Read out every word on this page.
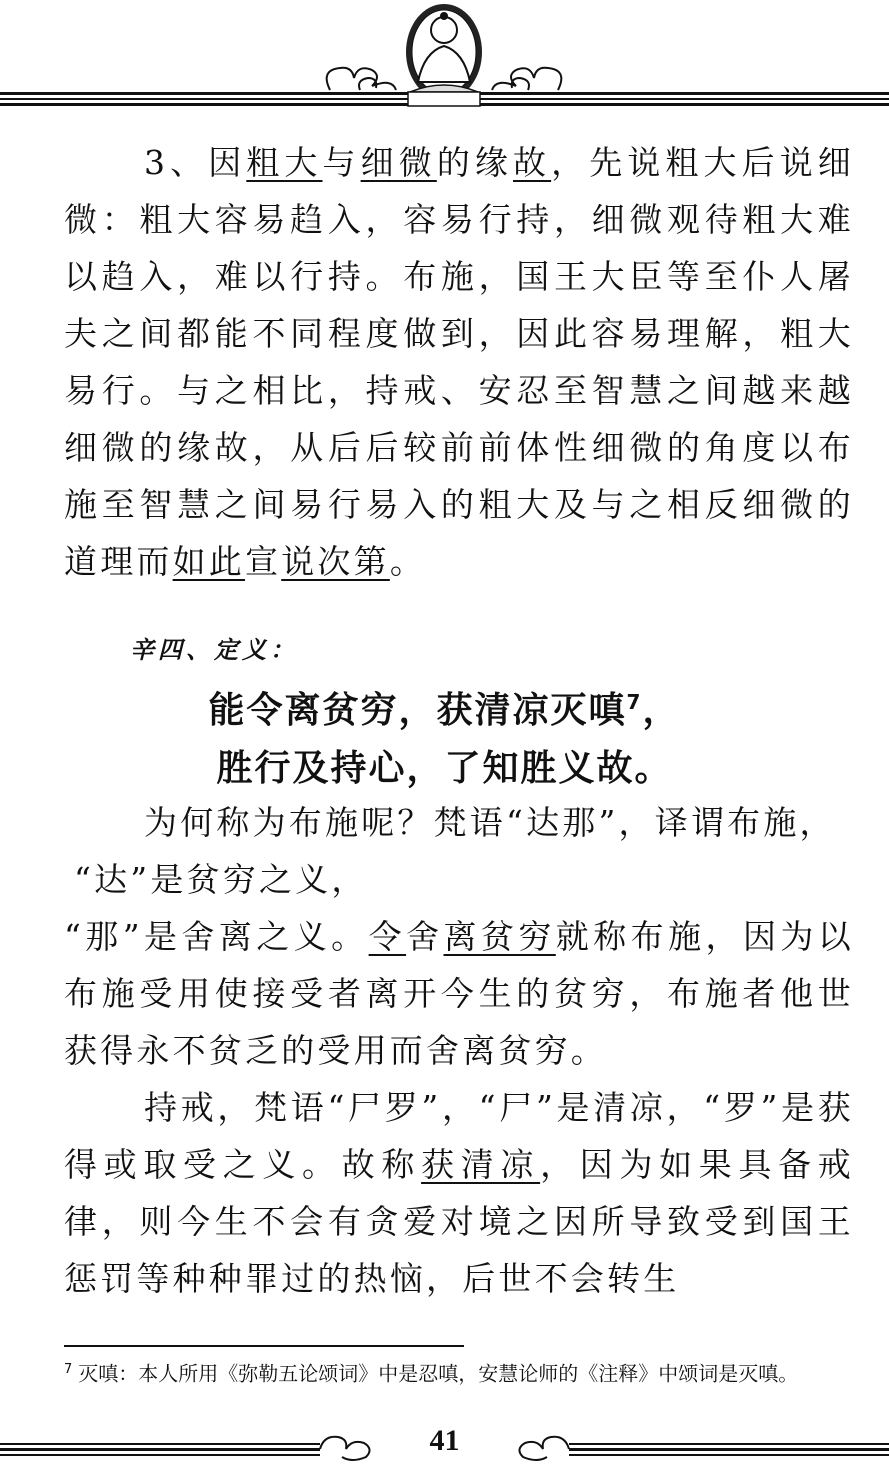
3、因粗大与细微的缘故，先说粗大后说细微：粗大容易趋入，容易行持，细微观待粗大难以趋入，难以行持。布施，国王大臣等至仆人屠夫之间都能不同程度做到，因此容易理解，粗大易行。与之相比，持戒、安忍至智慧之间越来越细微的缘故，从后后较前前体性细微的角度以布施至智慧之间易行易入的粗大及与之相反细微的道理而如此宣说次第。

辛四、定义：
能令离贫穷，获清凉灭嗔$^7$，
胜行及持心，了知胜义故。

为何称为布施呢？梵语“达那”，译谓布施，

“达”是贫穷之义，

“那”是舍离之义。令舍离贫穷就称布施，因为以布施受用使接受者离开今生的贫穷，布施者他世获得永不贫乏的受用而舍离贫穷。

持戒，梵语“尸罗”，“尸”是清凉，“罗”是获得或取受之义。故称获清凉，因为如果具备戒律，则今生不会有贪爱对境之因所导致受到国王惩罚等种种罪过的热恼，后世不会转生

$^7$ 灭嗔：本人所用《弥勒五论颂词》中是忍嗔，安慧论师的《注释》中颂词是灭嗔。
41
